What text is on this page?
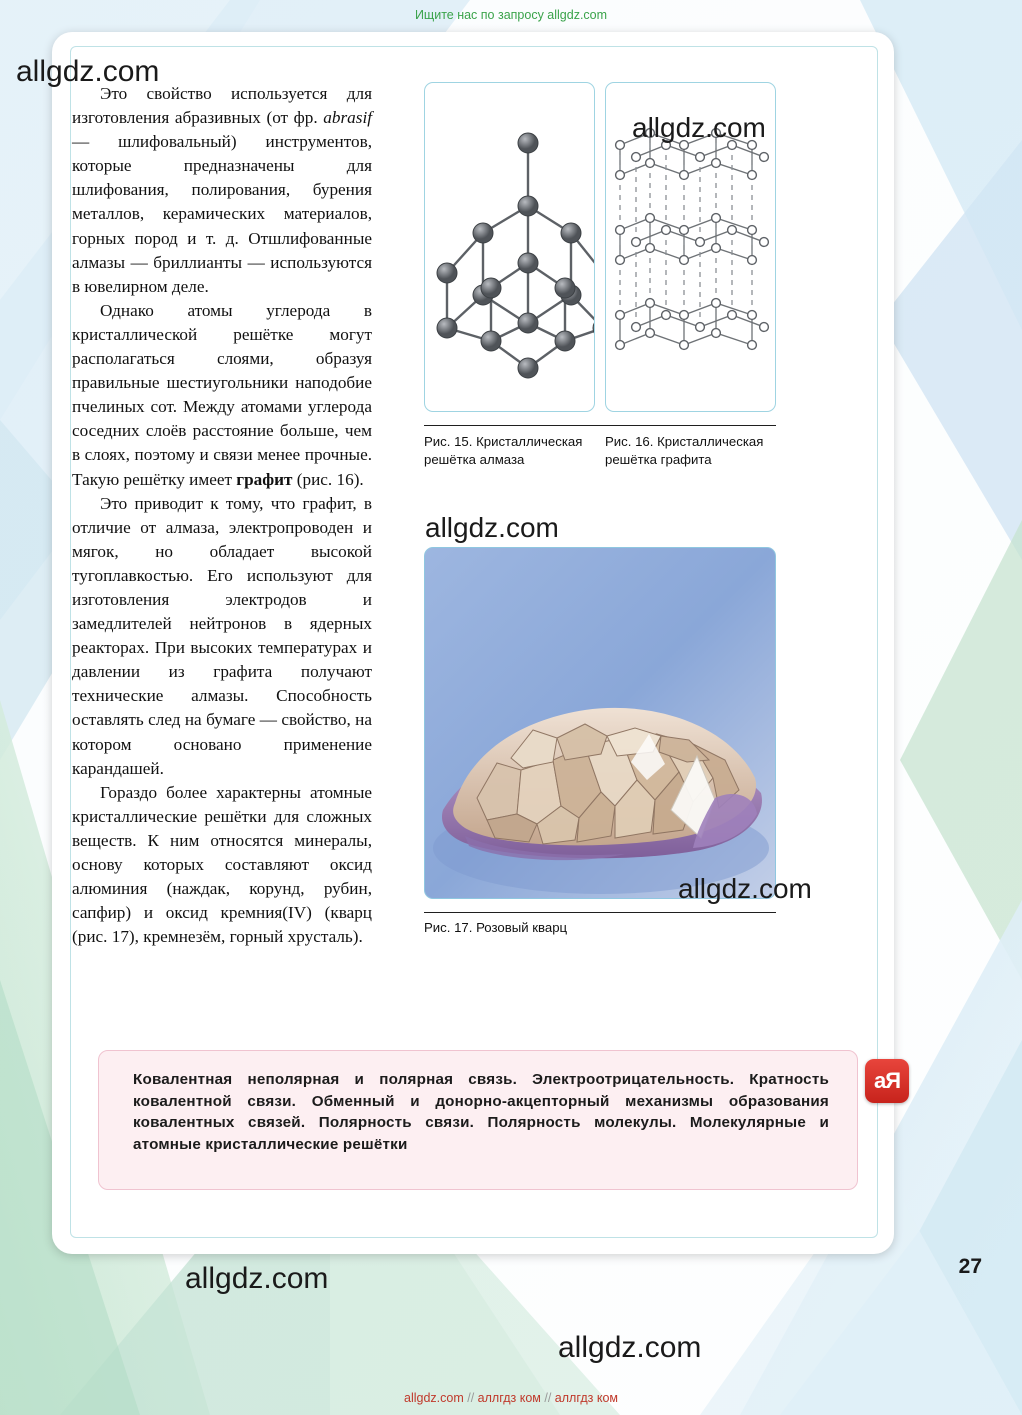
Ищите нас по запросу allgdz.com
allgdz.com

Это свойство используется для изготовления абразивных (от фр. abrasif — шлифовальный) инструментов, которые предназначены для шлифования, полирования, бурения металлов, керамических материалов, горных пород и т. д. Отшлифованные алмазы — бриллианты — используются в ювелирном деле.

Однако атомы углерода в кристаллической решётке могут располагаться слоями, образуя правильные шестиугольники наподобие пчелиных сот. Между атомами углерода соседних слоёв расстояние больше, чем в слоях, поэтому и связи менее прочные. Такую решётку имеет графит (рис. 16).

Это приводит к тому, что графит, в отличие от алмаза, электропроводен и мягок, но обладает высокой тугоплавкостью. Его используют для изготовления электродов и замедлителей нейтронов в ядерных реакторах. При высоких температурах и давлении из графита получают технические алмазы. Способность оставлять след на бумаге — свойство, на котором основано применение карандашей.

Гораздо более характерны атомные кристаллические решётки для сложных веществ. К ним относятся минералы, основу которых составляют оксид алюминия (наждак, корунд, рубин, сапфир) и оксид кремния(IV) (кварц (рис. 17), кремнезём, горный хрусталь).

Рис. 15. Кристаллическая решётка алмаза
Рис. 16. Кристаллическая решётка графита
Рис. 17. Розовый кварц

Ковалентная неполярная и полярная связь. Электроотрицательность. Кратность ковалентной связи. Обменный и донорно-акцепторный механизмы образования ковалентных связей. Полярность связи. Полярность молекулы. Молекулярные и атомные кристаллические решётки

аЯ
27
allgdz.com
allgdz.com
allgdz.com
allgdz.com
allgdz.com
allgdz.com // аллгдз ком // аллгдз ком
